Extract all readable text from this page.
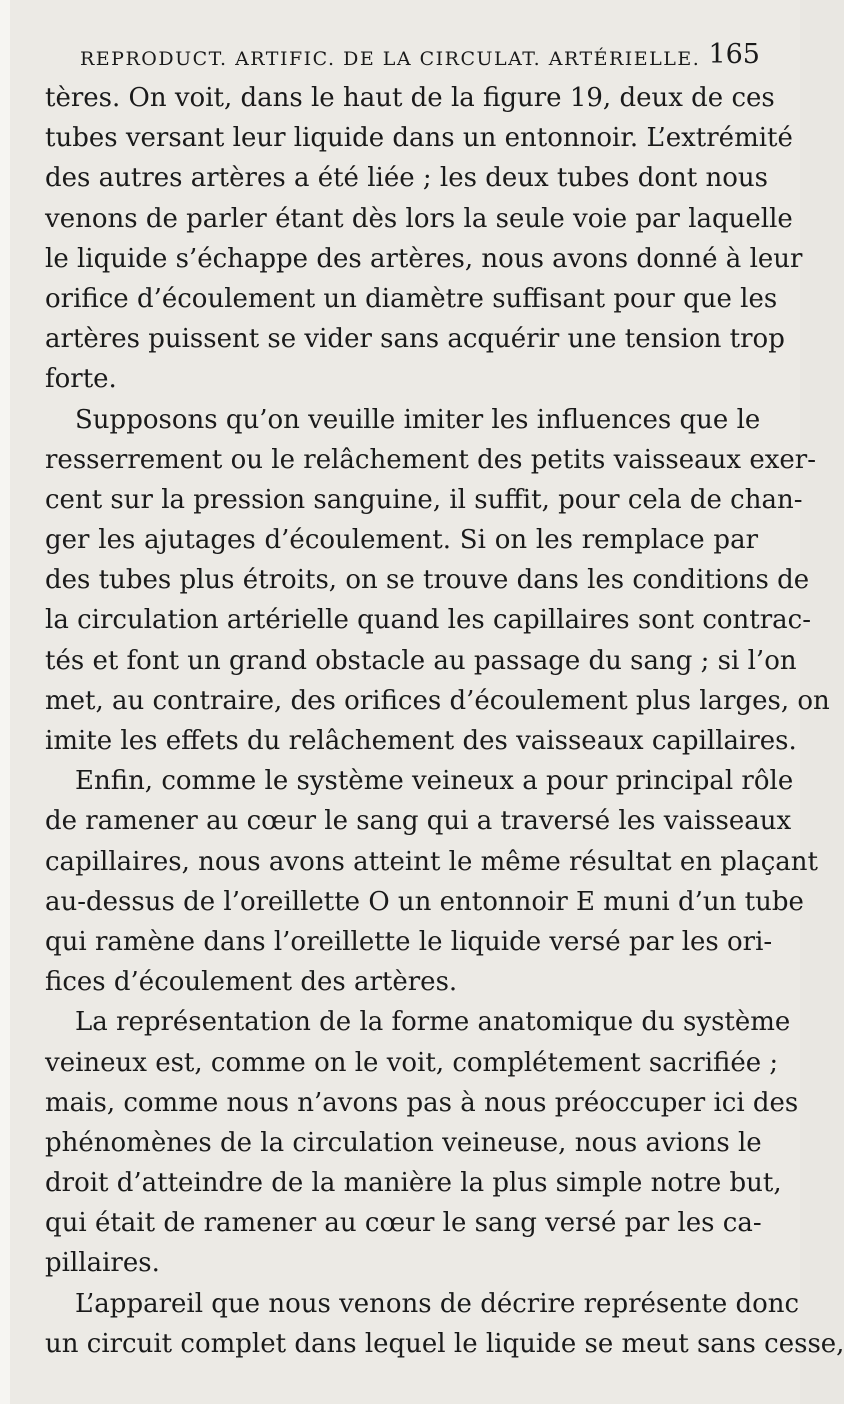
REPRODUCT. ARTIFIC. DE LA CIRCULAT. ARTÉRIELLE. 165
tères. On voit, dans le haut de la figure 19, deux de ces
tubes versant leur liquide dans un entonnoir. L’extrémité
des autres artères a été liée ; les deux tubes dont nous
venons de parler étant dès lors la seule voie par laquelle
le liquide s’échappe des artères, nous avons donné à leur
orifice d’écoulement un diamètre suffisant pour que les
artères puissent se vider sans acquérir une tension trop
forte.
Supposons qu’on veuille imiter les influences que le
resserrement ou le relâchement des petits vaisseaux exer-
cent sur la pression sanguine, il suffit, pour cela de chan-
ger les ajutages d’écoulement. Si on les remplace par
des tubes plus étroits, on se trouve dans les conditions de
la circulation artérielle quand les capillaires sont contrac-
tés et font un grand obstacle au passage du sang ; si l’on
met, au contraire, des orifices d’écoulement plus larges, on
imite les effets du relâchement des vaisseaux capillaires.
Enfin, comme le système veineux a pour principal rôle
de ramener au cœur le sang qui a traversé les vaisseaux
capillaires, nous avons atteint le même résultat en plaçant
au-dessus de l’oreillette O un entonnoir E muni d’un tube
qui ramène dans l’oreillette le liquide versé par les ori-
fices d’écoulement des artères.
La représentation de la forme anatomique du système
veineux est, comme on le voit, complétement sacrifiée ;
mais, comme nous n’avons pas à nous préoccuper ici des
phénomènes de la circulation veineuse, nous avions le
droit d’atteindre de la manière la plus simple notre but,
qui était de ramener au cœur le sang versé par les ca-
pillaires.
L’appareil que nous venons de décrire représente donc
un circuit complet dans lequel le liquide se meut sans cesse,
